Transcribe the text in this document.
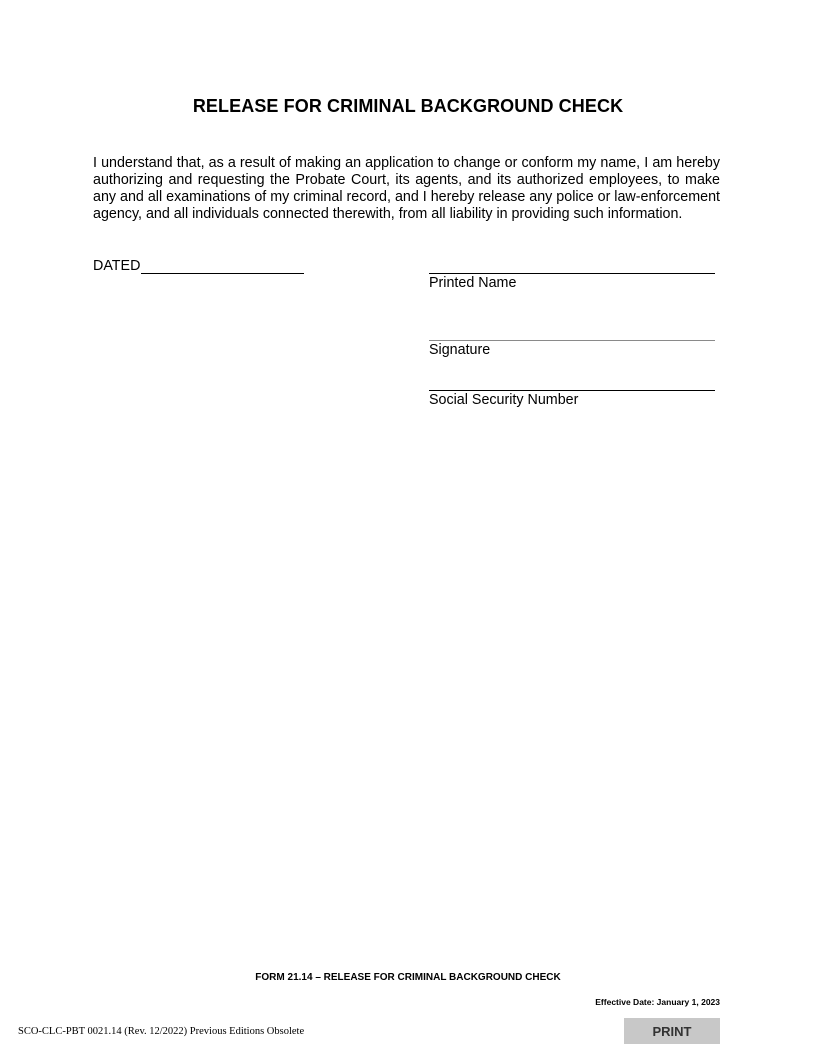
RELEASE FOR CRIMINAL BACKGROUND CHECK
I understand that, as a result of making an application to change or conform my name, I am hereby authorizing and requesting the Probate Court, its agents, and its authorized employees, to make any and all examinations of my criminal record, and I hereby release any police or law-enforcement agency, and all individuals connected therewith, from all liability in providing such information.
DATED
Printed Name
Signature
Social Security Number
FORM 21.14 – RELEASE FOR CRIMINAL BACKGROUND CHECK
Effective Date: January 1, 2023
SCO-CLC-PBT 0021.14 (Rev. 12/2022) Previous Editions Obsolete	PRINT
